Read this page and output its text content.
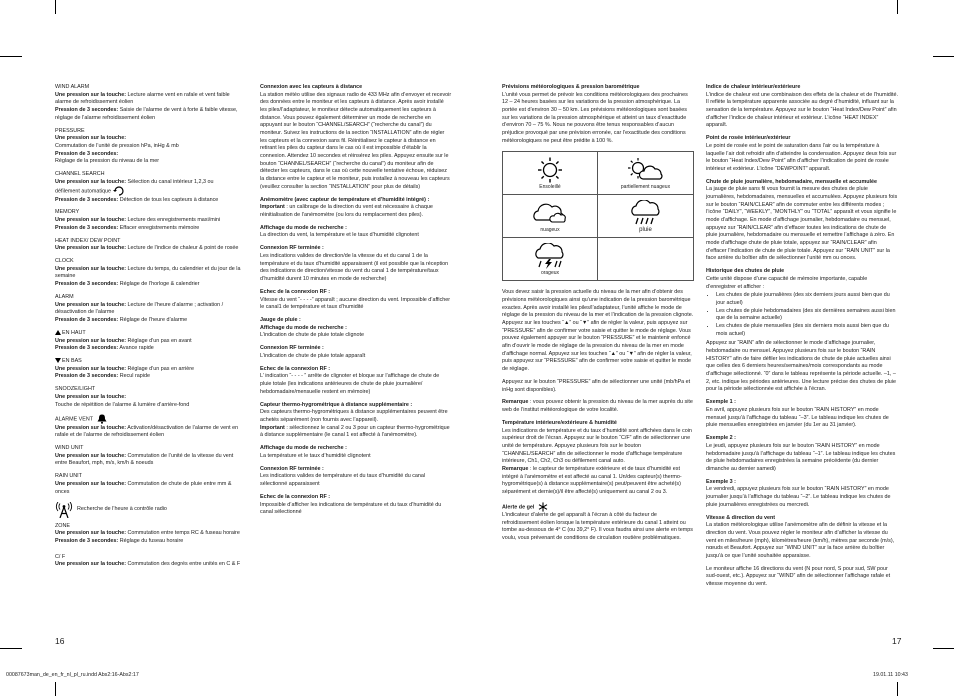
WIND ALARM
Une pression sur la touche: Lecture alarme vent en rafale et vent faible
alarme de refroidissement éolien
Pression de 3 secondes: Saisie de l’alarme de vent à forte & faible vitesse, réglage de l’alarme refroidissement éolien
PRESSURE
Une pression sur la touche:
Commutation de l’unité de pression hPa, inHg & mb
Pression de 3 secondes:
Réglage de la pression du niveau de la mer
CHANNEL SEARCH
Une pression sur la touche: Sélection du canal intérieur 1,2,3 ou
défilement automatique
Pression de 3 secondes: Détection de tous les capteurs à distance
MEMORY
Une pression sur la touche: Lecture des enregistrements maxi/mini
Pression de 3 secondes: Effacer enregistrements mémoire
HEAT INDEX/ DEW POINT
Une pression sur la touche: Lecture de l’indice de chaleur & point de rosée
CLOCK
Une pression sur la touche: Lecture du temps, du calendrier et du jour de la
semaine
Pression de 3 secondes: Réglage de l’horloge & calendrier
ALARM
Une pression sur la touche: Lecture de l’heure d’alarme ; activation /
désactivation de l’alarme
Pression de 3 secondes: Réglage de l’heure d’alarme
EN HAUT
Une pression sur la touche: Réglage d’un pas en avant
Pression de 3 secondes: Avance rapide
EN BAS
Une pression sur la touche: Réglage d’un pas en arrière
Pression de 3 secondes: Recul rapide
SNOOZE/LIGHT
Une pression sur la touche:
Touche de répétition de l’alarme & lumière d’arrière-fond
ALARME VENT
Une pression sur la touche: Activation/désactivation de l’alarme de vent en
rafale et de l’alarme de refroidissement éolien
WIND UNIT
Une pression sur la touche: Commutation de l’unité de la vitesse du vent
entre Beaufort, mph, m/s, km/h & noeuds
RAIN UNIT
Une pression sur la touche: Commutation de chute de pluie entre mm &
onces
Recherche de l’heure à contrôle radio
ZONE
Une pression sur la touche: Commutation entre temps RC & fuseau horaire
Pression de 3 secondes: Réglage du fuseau horaire
C/ F
Une pression sur la touche: Commutation des degrés entre unités en C & F
Connexion avec les capteurs à distance

La station météo utilise des signaux radio de 433 MHz afin d’envoyer et recevoir des données entre le moniteur et les capteurs à distance. Après avoir installé les piles/l’adaptateur, le moniteur détecte automatiquement les capteurs à distance. Vous pouvez également déterminer un mode de recherche en appuyant sur le bouton “CHANNEL/SEARCH” (“recherche du canal”) du moniteur. Suivez les instructions de la section “INSTALLATION” afin de régler les capteurs et la connexion sans fil. Réinitialisez le capteur à distance en retirant les piles du capteur dans le cas où il est impossible d’établir la connexion. Attendez 10 secondes et réinsérez les piles. Appuyez ensuite sur le bouton “CHANNEL/SEARCH” (“recherche du canal”) du moniteur afin de détecter les capteurs, dans le cas où cette nouvelle tentative échoue, réduisez la distance entre le capteur et le moniteur, puis installez à nouveau les capteurs (veuillez consulter la section “INSTALLATION” pour plus de détails)

Anémomètre (avec capteur de température et d’humidité intégré) :

Important : un calibrage de la direction du vent est nécessaire à chaque réinitialisation de l’anémomètre (ou lors du remplacement des piles).

Affichage du mode de recherche :

La direction du vent, la température et le taux d’humidité clignotent

Connexion RF terminée :

Les indications valides de direction/de la vitesse du et du canal 1 de la température et du taux d’humidité apparaissent (il est possible que la réception des indications de direction/vitesse du vent du canal 1 de température/taux d’humidité durent 10 minutes en mode de recherche)

Echec de la connexion RF :

Vitesse du vent “- - - -” apparaît ; aucune direction du vent. Impossible d’afficher le canal1 de température et taux d’humidité

Jauge de pluie :
Affichage du mode de recherche :

L’indication de chute de pluie totale clignote

Connexion RF terminée :

L’indication de chute de pluie totale apparaît

Echec de la connexion RF :

L’ indication “- - - - ” arrête de clignoter et bloque sur l’affichage de chute de pluie totale (les indications antérieures de chute de pluie journalière/ hebdomadaire/mensuelle restent en mémoire)

Capteur thermo-hygrométrique à distance supplémentaire :

Des capteurs thermo-hygrométriques à distance supplémentaires peuvent être achetés séparément (non fournis avec l’appareil).

Important : sélectionnez le canal 2 ou 3 pour un capteur thermo-hygrométrique à distance supplémentaire (le canal 1 est affecté à l’anémomètre).

Affichage du mode de recherche :

La température et le taux d’humidité clignotent

Connexion RF terminée :

Les indications valides de température et du taux d’humidité du canal sélectionné apparaissent

Echec de la connexion RF :

Impossible d’afficher les indications de température et du taux d’humidité du canal sélectionné

Prévisions météorologiques & pression barométrique

L’unité vous permet de prévoir les conditions météorologiques des prochaines 12 – 24 heures basées sur les variations de la pression atmosphérique. La portée est d’environ 30 – 50 km. Les prévisions météorologiques sont basées sur les variations de la pression atmosphérique et atteint un taux d’exactitude d’environ 70 – 75 %. Nous ne pouvons être tenus responsables d’aucun préjudice provoqué par une prévision erronée, car l’exactitude des conditions météorologiques ne peut être prédite à 100 %.

Ensoleillé	partiellement nuageux
nuageux	pluie
orageux

Vous devez saisir la pression actuelle du niveau de la mer afin d’obtenir des prévisions météorologiques ainsi qu’une indication de la pression barométrique exactes. Après avoir installé les piles/l’adaptateur, l’unité affiche le mode de réglage de la pression du niveau de la mer et l’indication de la pression clignote. Appuyez sur les touches “▲” ou “▼” afin de régler la valeur, puis appuyez sur “PRESSURE” afin de confirmer votre saisie et quitter le mode de réglage. Vous pouvez également appuyer sur le bouton “PRESSURE” et le maintenir enfoncé afin d’ouvrir le mode de réglage de la pression du niveau de la mer en mode d’affichage normal. Appuyez sur les touches “▲” ou “▼” afin de régler la valeur, puis appuyez sur “PRESSURE” afin de confirmer votre saisie et quitter le mode de réglage.

Appuyez sur le bouton “PRESSURE” afin de sélectionner une unité (mb/hPa et inHg sont disponibles).

Remarque : vous pouvez obtenir la pression du niveau de la mer auprès du site web de l’institut météorologique de votre localité.

Température intérieure/extérieure & humidité

Les indications de température et du taux d’humidité sont affichées dans le coin supérieur droit de l’écran. Appuyez sur le bouton “C/F” afin de sélectionner une unité de température. Appuyez plusieurs fois sur le bouton “CHANNEL/SEARCH” afin de sélectionner le mode d’affichage température intérieure, Ch1, Ch2, Ch3 ou défilement canal auto.

Remarque : le capteur de température extérieure et de taux d’humidité est intégré à l’anémomètre et est affecté au canal 1. Un/des capteur(s) thermo-hygrométrique(s) à distance supplémentaire(s) peut/peuvent être acheté(s) séparément et dernie(s)/il être affecté(s) uniquement au canal 2 ou 3.

Alerte de gel

L’indicateur d’alerte de gel apparaît à l’écran à côté du facteur de refroidissement éolien lorsque la température extérieure du canal 1 atteint ou tombe au-dessous de 4° C (ou 39,2° F). Il vous faudra ainsi une alerte en temps voulu, vous prévenant de conditions de circulation routière problématiques.

Indice de chaleur intérieur/extérieure

L’indice de chaleur est une combinaison des effets de la chaleur et de l’humidité. Il reflète la température apparente associée au degré d’humidité, influant sur la sensation de la température. Appuyez sur le bouton “Heat Index/Dew Point” afin d’afficher l’indice de chaleur intérieur et extérieur. L’icône “HEAT INDEX” apparaît.

Point de rosée intérieur/extérieur

Le point de rosée est le point de saturation dans l’air ou la température à laquelle l’air doit refroidir afin d’atteindre la condensation. Appuyez deux fois sur le bouton “Heat Index/Dew Point” afin d’afficher l’indication de point de rosée intérieur et extérieur. L’icône “DEWPOINT” apparaît.

Chute de pluie journalière, hebdomadaire, mensuelle et accumulée

La jauge de pluie sans fil vous fournit la mesure des chutes de pluie journalières, hebdomadaires, mensuelles et accumulées. Appuyez plusieurs fois sur le bouton “RAIN/CLEAR” afin de commuter entre les différents modes ; l’icône “DAILY”, “WEEKLY”, “MONTHLY” ou “TOTAL” apparaît et vous signifie le mode d’affichage. En mode d’affichage journalier, hebdomadaire ou mensuel, appuyez sur “RAIN/CLEAR” afin d’effacer toutes les indications de chute de pluie journalière, hebdomadaire ou mensuelle et remettre l’affichage à zéro. En mode d’affichage chute de pluie totale, appuyez sur “RAIN/CLEAR” afin d’effacer l’indication de chute de pluie totale. Appuyez sur “RAIN UNIT” sur la face arrière du boîtier afin de sélectionner l’unité mm ou onces.

Historique des chutes de pluie

Cette unité dispose d’une capacité de mémoire importante, capable d’enregistrer et afficher :

• Les chutes de pluie journalières (des six derniers jours aussi bien que du jour actuel)
• Les chutes de pluie hebdomadaires (des six dernières semaines aussi bien que de la semaine actuelle)
• Les chutes de pluie mensuelles (des six derniers mois aussi bien que du mois actuel)

Appuyez sur “RAIN” afin de sélectionner le mode d’affichage journalier, hebdomadaire ou mensuel. Appuyez plusieurs fois sur le bouton “RAIN HISTORY” afin de faire défiler les indications de chute de pluie actuelles ainsi que celles des 6 derniers heures/semaines/mois correspondants au mode d’affichage sélectionné. “0” dans le tableau représente la période actuelle. –1, –2, etc. indique les périodes antérieures. Une lecture précise des chutes de pluie pour la période sélectionnée est affichée à l’écran.

Exemple 1 :

En avril, appuyez plusieurs fois sur le bouton “RAIN HISTORY” en mode mensuel jusqu’à l’affichage du tableau “–3”. Le tableau indique les chutes de pluie mensuelles enregistrées en janvier (du 1er au 31 janvier).

Exemple 2 :

Le jeudi, appuyez plusieurs fois sur le bouton “RAIN HISTORY” en mode hebdomadaire jusqu’à l’affichage du tableau “–1”. Le tableau indique les chutes de pluie hebdomadaires enregistrées la semaine précédente (du dernier dimanche au dernier samedi)

Exemple 3 :

Le vendredi, appuyez plusieurs fois sur le bouton “RAIN HISTORY” en mode journalier jusqu’à l’affichage du tableau “–2”. Le tableau indique les chutes de pluie journalières enregistrées ou mercredi.

Vitesse & direction du vent

La station météorologique utilise l’anémomètre afin de définir la vitesse et la direction du vent. Vous pouvez régler le moniteur afin d’afficher la vitesse du vent en miles/heure (mph), kilomètres/heure (km/h), mètres par seconde (m/s), nœuds et Beaufort. Appuyez sur “WIND UNIT” sur la face arrière du boîtier jusqu’à ce que l’unité souhaitée apparaisse.

Le moniteur affiche 16 directions du vent (N pour nord, S pour sud, SW pour sud-ouest, etc.). Appuyez sur “WIND” afin de sélectionner l’affichage rafale et vitesse moyenne du vent.

16	17
00087673man_de_en_fr_nl_pl_ru.indd Abs2:16-Abs2:17	19.01.11 10:43
